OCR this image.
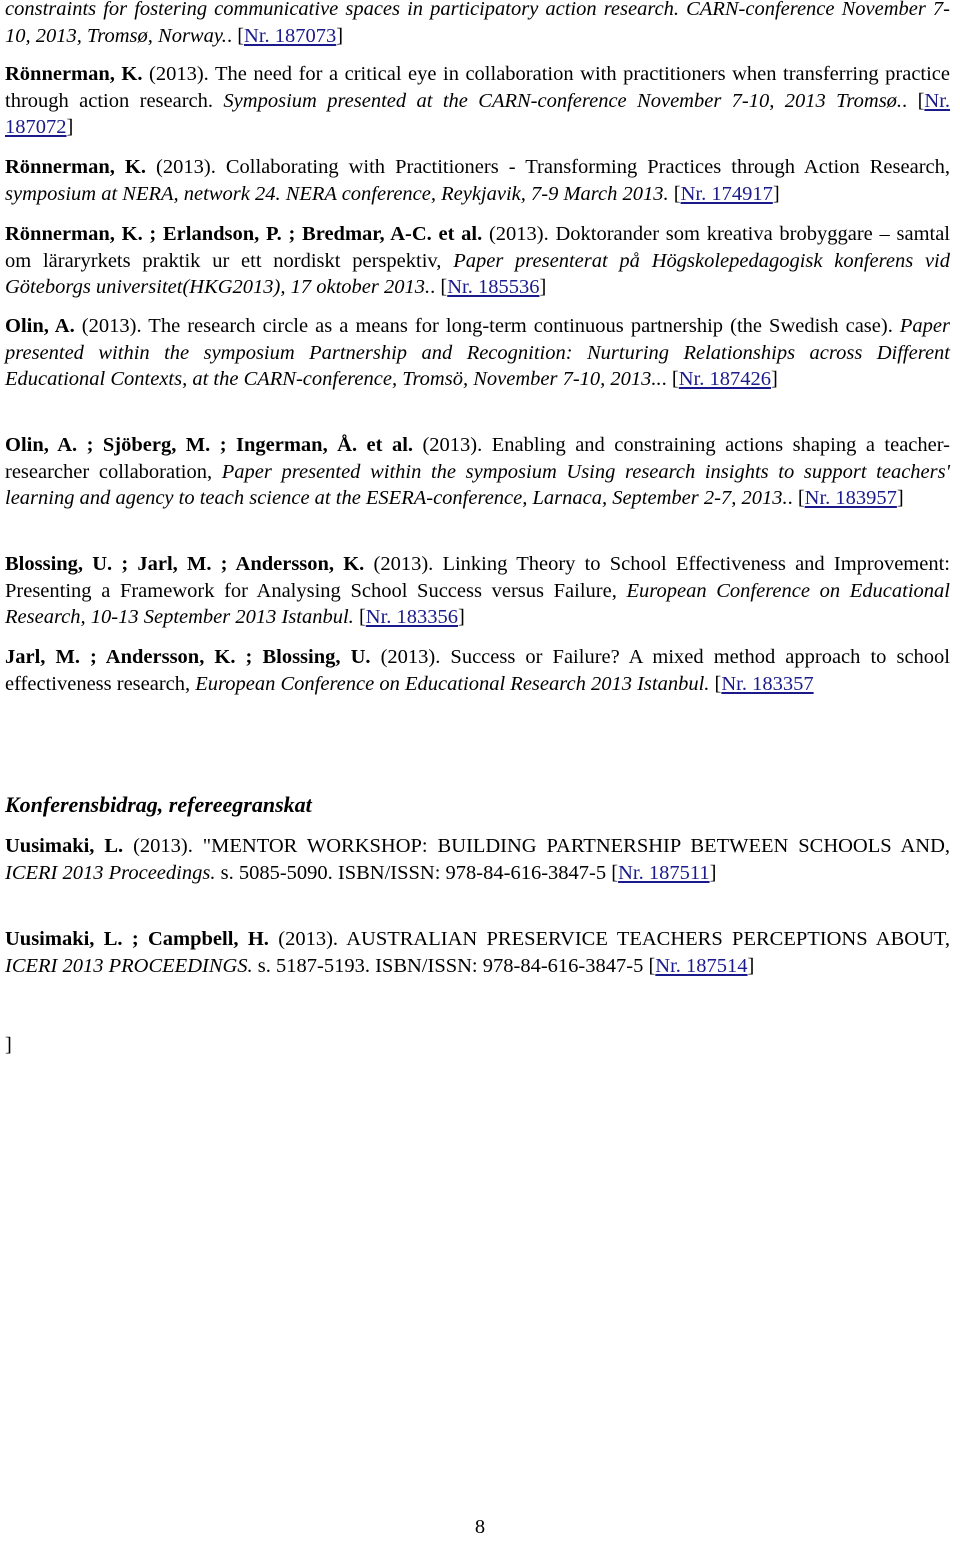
constraints for fostering communicative spaces in participatory action research. CARN-conference November 7-10, 2013, Tromsø, Norway.. [Nr. 187073]
Rönnerman, K. (2013). The need for a critical eye in collaboration with practitioners when transferring practice through action research. Symposium presented at the CARN-conference November 7-10, 2013 Tromsø.. [Nr. 187072]
Rönnerman, K. (2013). Collaborating with Practitioners - Transforming Practices through Action Research, symposium at NERA, network 24. NERA conference, Reykjavik, 7-9 March 2013. [Nr. 174917]
Rönnerman, K. ; Erlandson, P. ; Bredmar, A-C. et al. (2013). Doktorander som kreativa brobyggare – samtal om läraryrkets praktik ur ett nordiskt perspektiv, Paper presenterat på Högskolepedagogisk konferens vid Göteborgs universitet(HKG2013), 17 oktober 2013.. [Nr. 185536]
Olin, A. (2013). The research circle as a means for long-term continuous partnership (the Swedish case). Paper presented within the symposium Partnership and Recognition: Nurturing Relationships across Different Educational Contexts, at the CARN-conference, Tromsö, November 7-10, 2013... [Nr. 187426]
Olin, A. ; Sjöberg, M. ; Ingerman, Å. et al. (2013). Enabling and constraining actions shaping a teacher-researcher collaboration, Paper presented within the symposium Using research insights to support teachers' learning and agency to teach science at the ESERA-conference, Larnaca, September 2-7, 2013.. [Nr. 183957]
Blossing, U. ; Jarl, M. ; Andersson, K. (2013). Linking Theory to School Effectiveness and Improvement: Presenting a Framework for Analysing School Success versus Failure, European Conference on Educational Research, 10-13 September 2013 Istanbul. [Nr. 183356]
Jarl, M. ; Andersson, K. ; Blossing, U. (2013). Success or Failure? A mixed method approach to school effectiveness research, European Conference on Educational Research 2013 Istanbul. [Nr. 183357
Konferensbidrag, refereegranskat
Uusimaki, L. (2013). "MENTOR WORKSHOP: BUILDING PARTNERSHIP BETWEEN SCHOOLS AND, ICERI 2013 Proceedings. s. 5085-5090. ISBN/ISSN: 978-84-616-3847-5 [Nr. 187511]
Uusimaki, L. ; Campbell, H. (2013). AUSTRALIAN PRESERVICE TEACHERS PERCEPTIONS ABOUT, ICERI 2013 PROCEEDINGS. s. 5187-5193. ISBN/ISSN: 978-84-616-3847-5 [Nr. 187514]
]
8
